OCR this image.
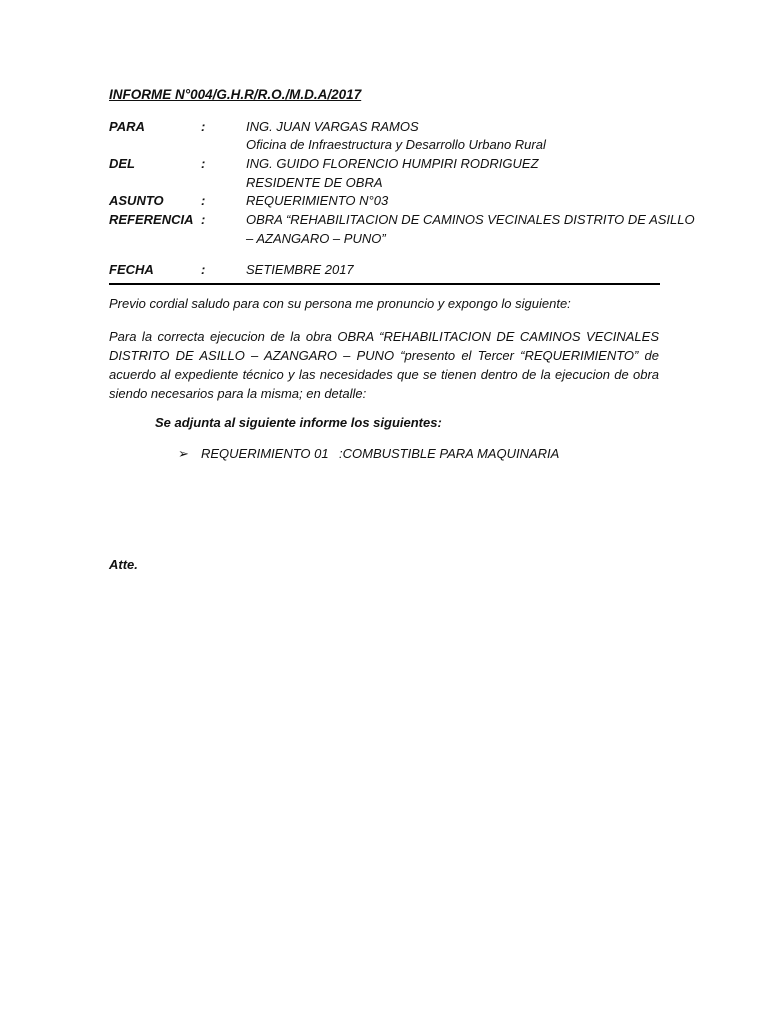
INFORME N°004/G.H.R/R.O./M.D.A/2017
PARA	:	ING. JUAN VARGAS RAMOS
Oficina de Infraestructura y Desarrollo Urbano Rural
DEL	:	ING. GUIDO FLORENCIO HUMPIRI RODRIGUEZ
RESIDENTE DE OBRA
ASUNTO	:	REQUERIMIENTO N°03
REFERENCIA :	OBRA “REHABILITACION DE CAMINOS VECINALES DISTRITO DE ASILLO
– AZANGARO – PUNO”
FECHA	:	SETIEMBRE 2017
Previo cordial saludo para con su persona me pronuncio y expongo lo siguiente:
Para la correcta ejecucion de la obra OBRA “REHABILITACION DE CAMINOS VECINALES DISTRITO DE ASILLO – AZANGARO – PUNO “presento el Tercer “REQUERIMIENTO” de acuerdo al expediente técnico y las necesidades que se tienen dentro de la ejecucion de obra siendo necesarios para la misma; en detalle:
Se adjunta al siguiente informe los siguientes:
➢ REQUERIMIENTO 01 :COMBUSTIBLE PARA MAQUINARIA
Atte.
